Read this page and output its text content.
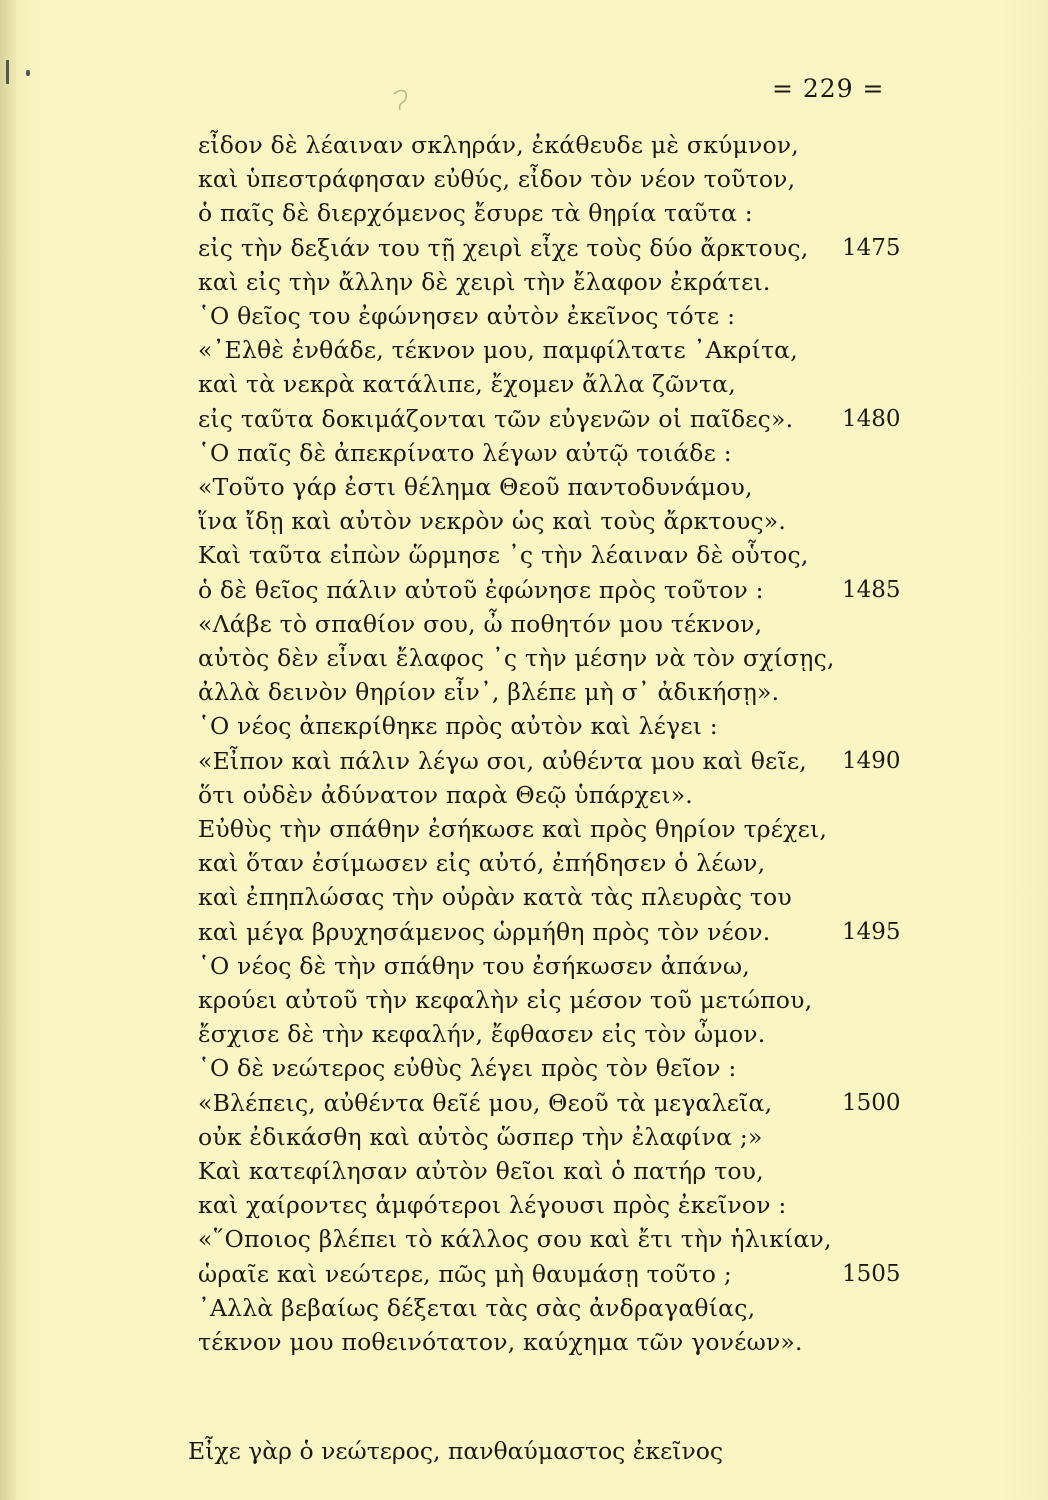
= 229 =
εἶδον δὲ λέαιναν σκληράν, ἐκάθευδε μὲ σκύμνον,
καὶ ὑπεστράφησαν εὐθύς, εἶδον τὸν νέον τοῦτον,
ὁ παῖς δὲ διερχόμενος ἔσυρε τὰ θηρία ταῦτα :
εἰς τὴν δεξιάν του τῇ χειρὶ εἶχε τοὺς δύο ἄρκτους, 1475
καὶ εἰς τὴν ἄλλην δὲ χειρὶ τὴν ἔλαφον ἐκράτει.
῾Ο θεῖος του ἐφώνησεν αὐτὸν ἐκεῖνος τότε :
«᾿Ελθὲ ἐνθάδε, τέκνον μου, παμφίλτατε ᾿Ακρίτα,
καὶ τὰ νεκρὰ κατάλιπε, ἔχομεν ἄλλα ζῶντα,
εἰς ταῦτα δοκιμάζονται τῶν εὐγενῶν οἱ παῖδες». 1480
῾Ο παῖς δὲ ἀπεκρίνατο λέγων αὐτῷ τοιάδε :
«Τοῦτο γάρ ἐστι θέλημα Θεοῦ παντοδυνάμου,
ἵνα ἴδῃ καὶ αὐτὸν νεκρὸν ὡς καὶ τοὺς ἄρκτους».
Καὶ ταῦτα εἰπὼν ὥρμησε ᾿ς τὴν λέαιναν δὲ οὗτος,
ὁ δὲ θεῖος πάλιν αὐτοῦ ἐφώνησε πρὸς τοῦτον :	1485
«Λάβε τὸ σπαθίον σου, ὦ ποθητόν μου τέκνον,
αὐτὸς δὲν εἶναι ἔλαφος ᾿ς τὴν μέσην νὰ τὸν σχίσῃς,
ἀλλὰ δεινὸν θηρίον εἶν᾿, βλέπε μὴ σ᾿ ἀδικήσῃ».
῾Ο νέος ἀπεκρίθηκε πρὸς αὐτὸν καὶ λέγει :
«Εἶπον καὶ πάλιν λέγω σοι, αὐθέντα μου καὶ θεῖε, 1490
ὅτι οὐδὲν ἀδύνατον παρὰ Θεῷ ὑπάρχει».
Εὐθὺς τὴν σπάθην ἐσήκωσε καὶ πρὸς θηρίον τρέχει,
καὶ ὅταν ἐσίμωσεν εἰς αὐτό, ἐπήδησεν ὁ λέων,
καὶ ἐπηπλώσας τὴν οὐρὰν κατὰ τὰς πλευρὰς του
καὶ μέγα βρυχησάμενος ὡρμήθη πρὸς τὸν νέον.	1495
῾Ο νέος δὲ τὴν σπάθην του ἐσήκωσεν ἀπάνω,
κρούει αὐτοῦ τὴν κεφαλὴν εἰς μέσον τοῦ μετώπου,
ἔσχισε δὲ τὴν κεφαλήν, ἔφθασεν εἰς τὸν ὦμον.
῾Ο δὲ νεώτερος εὐθὺς λέγει πρὸς τὸν θεῖον :
«Βλέπεις, αὐθέντα θεῖέ μου, Θεοῦ τὰ μεγαλεῖα,	1500
οὐκ ἐδικάσθη καὶ αὐτὸς ὥσπερ τὴν ἐλαφίνα ;»
Καὶ κατεφίλησαν αὐτὸν θεῖοι καὶ ὁ πατήρ του,
καὶ χαίροντες ἀμφότεροι λέγουσι πρὸς ἐκεῖνον :
«῞Οποιος βλέπει τὸ κάλλος σου καὶ ἔτι τὴν ἡλικίαν,
ὡραῖε καὶ νεώτερε, πῶς μὴ θαυμάσῃ τοῦτο ;	1505
᾿Αλλὰ βεβαίως δέξεται τὰς σὰς ἀνδραγαθίας,
τέκνον μου ποθεινότατον, καύχημα τῶν γονέων».
Εἶχε γὰρ ὁ νεώτερος, πανθαύμαστος ἐκεῖνος
